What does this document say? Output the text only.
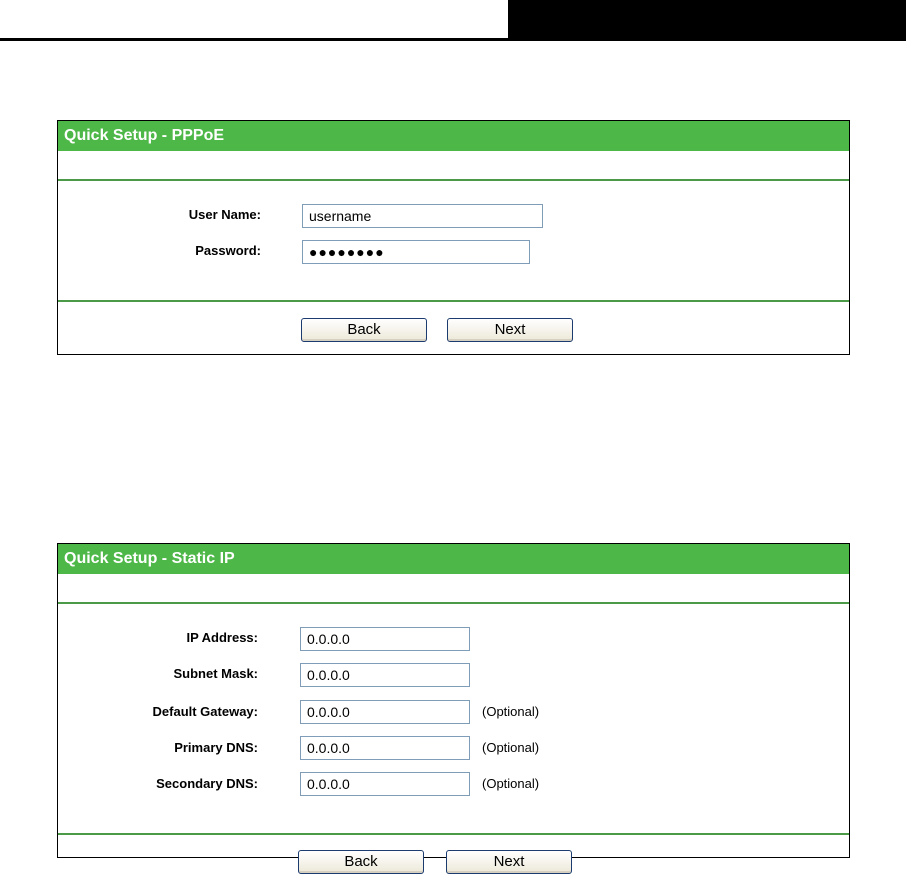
Quick Setup - PPPoE
User Name:	username
Password:	●●●●●●●●
Back	Next
Quick Setup - Static IP
IP Address:	0.0.0.0
Subnet Mask:	0.0.0.0
Default Gateway:	0.0.0.0	(Optional)
Primary DNS:	0.0.0.0	(Optional)
Secondary DNS:	0.0.0.0	(Optional)
Back	Next
